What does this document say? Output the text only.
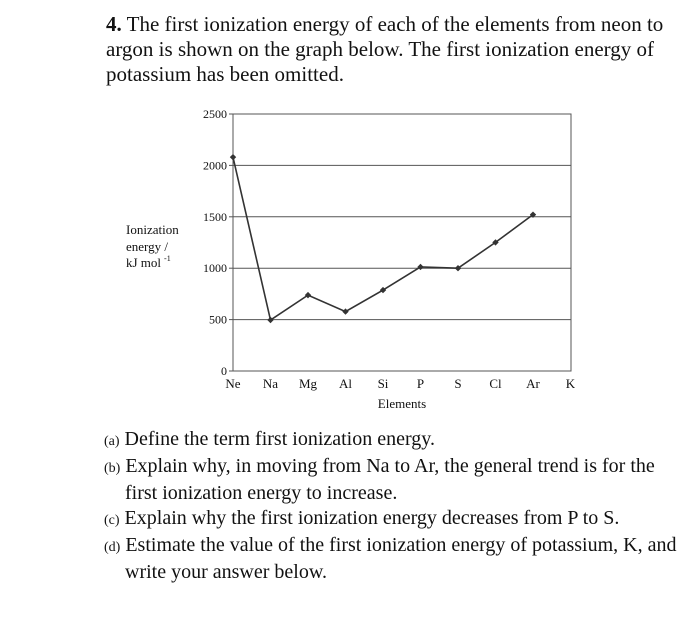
4. The first ionization energy of each of the elements from neon to argon is shown on the graph below. The first ionization energy of potassium has been omitted.
0
500
1000
1500
2000
2500
Ne Na Mg Al Si P S Cl Ar K
Ionization
energy /
kJ mol $^{-1}$
Elements
(a) Define the term first ionization energy.
(b) Explain why, in moving from Na to Ar, the general trend is for the first ionization energy to increase.
(c) Explain why the first ionization energy decreases from P to S.
(d) Estimate the value of the first ionization energy of potassium, K, and write your answer below.
